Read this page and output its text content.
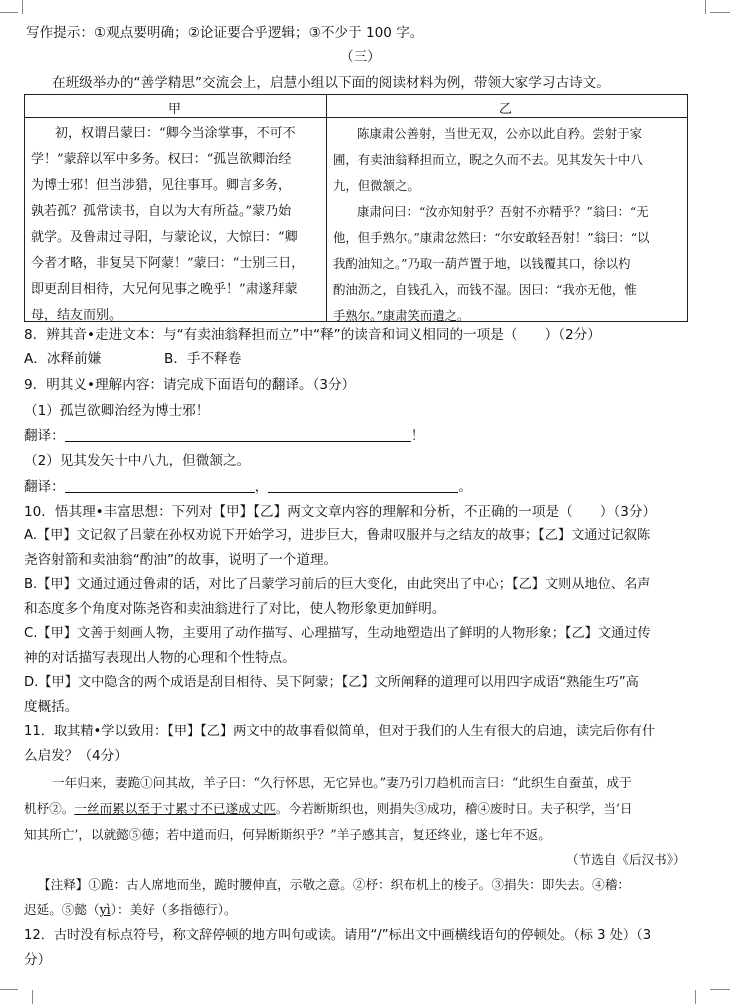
写作提示：①观点要明确；②论证要合乎逻辑；③不少于 100 字。
（三）
在班级举办的“善学精思”交流会上，启慧小组以下面的阅读材料为例，带领大家学习古诗文。
甲	乙
初，权谓吕蒙曰：“卿今当涂掌事，不可不
学！”蒙辞以军中多务。权曰：“孤岂欲卿治经
为博士邪！但当涉猎，见往事耳。卿言多务，
孰若孤？孤常读书，自以为大有所益。”蒙乃始
就学。及鲁肃过寻阳，与蒙论议，大惊曰：“卿
今者才略，非复吴下阿蒙！”蒙曰：“士别三日，
即更刮目相待，大兄何见事之晚乎！”肃遂拜蒙
母，结友而别。
陈康肃公善射，当世无双，公亦以此自矜。尝射于家
圃，有卖油翁释担而立，睨之久而不去。见其发矢十中八
九，但微颔之。
康肃问曰：“汝亦知射乎？吾射不亦精乎？”翁曰：“无
他，但手熟尔。”康肃忿然曰：“尔安敢轻吾射！”翁曰：“以
我酌油知之。”乃取一葫芦置于地，以钱覆其口，徐以杓
酌油沥之，自钱孔入，而钱不湿。因曰：“我亦无他，惟
手熟尔。”康肃笑而遣之。
8．辨其音•走进文本：与“有卖油翁释担而立”中“释”的读音和词义相同的一项是（　　）（2分）
A．冰释前嫌	B．手不释卷
9．明其义•理解内容：请完成下面语句的翻译。（3分）
（1）孤岂欲卿治经为博士邪！
翻译：	！
（2）见其发矢十中八九，但微颔之。
翻译：	，	。
10．悟其理•丰富思想：下列对【甲】【乙】两文文章内容的理解和分析，不正确的一项是（　　）（3分）
A.【甲】文记叙了吕蒙在孙权劝说下开始学习，进步巨大，鲁肃叹服并与之结友的故事；【乙】文通过记叙陈
尧咨射箭和卖油翁“酌油”的故事，说明了一个道理。
B.【甲】文通过通过鲁肃的话，对比了吕蒙学习前后的巨大变化，由此突出了中心；【乙】文则从地位、名声
和态度多个角度对陈尧咨和卖油翁进行了对比，使人物形象更加鲜明。
C.【甲】文善于刻画人物，主要用了动作描写、心理描写，生动地塑造出了鲜明的人物形象；【乙】文通过传
神的对话描写表现出人物的心理和个性特点。
D.【甲】文中隐含的两个成语是刮目相待、吴下阿蒙；【乙】文所阐释的道理可以用四字成语“熟能生巧”高
度概括。
11．取其精•学以致用：【甲】【乙】两文中的故事看似简单，但对于我们的人生有很大的启迪，读完后你有什
么启发？（4分）
一年归来，妻跪①问其故，羊子曰：“久行怀思，无它异也。”妻乃引刀趋机而言曰：“此织生自蚕茧，成于
机杼②。一丝而累以至于寸累寸不已遂成丈匹。今若断斯织也，则捐失③成功，稽④废时日。夫子积学，当‘日
知其所亡’，以就懿⑤德；若中道而归，何异断斯织乎？”羊子感其言，复还终业，遂七年不返。
（节选自《后汉书》）
【注释】①跪：古人席地而坐，跪时腰伸直，示敬之意。②杼：织布机上的梭子。③捐失：即失去。④稽：
迟延。⑤懿（yì）：美好（多指德行）。
12．古时没有标点符号，称文辞停顿的地方叫句或读。请用“/”标出文中画横线语句的停顿处。（标 3 处）（3
分）
